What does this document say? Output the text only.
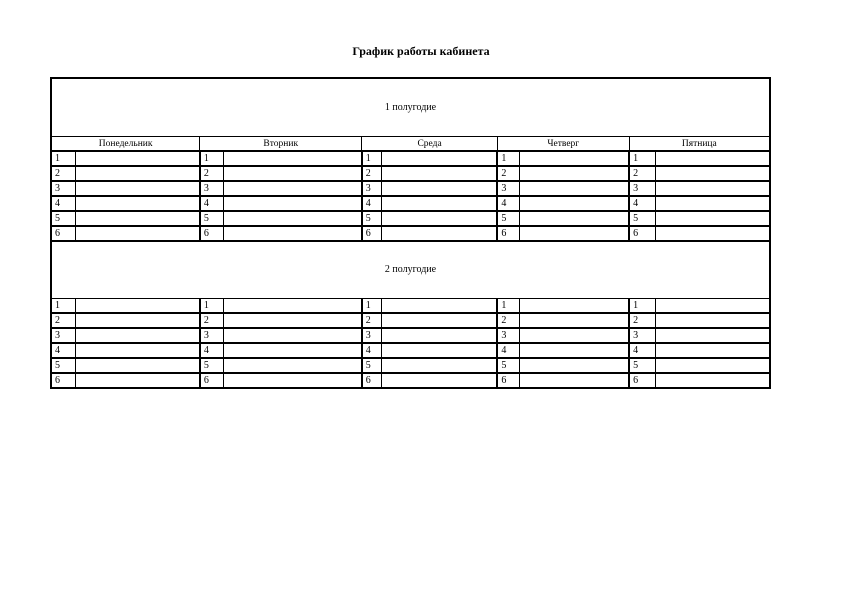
График работы кабинета
1 полугодие									
Понедельник		Вторник		Среда		Четверг		Пятница	
1		1		1		1		1	
2		2		2		2		2	
3		3		3		3		3	
4		4		4		4		4	
5		5		5		5		5	
6		6		6		6		6	
2 полугодие									
1		1		1		1		1	
2		2		2		2		2	
3		3		3		3		3	
4		4		4		4		4	
5		5		5		5		5	
6		6		6		6		6	
